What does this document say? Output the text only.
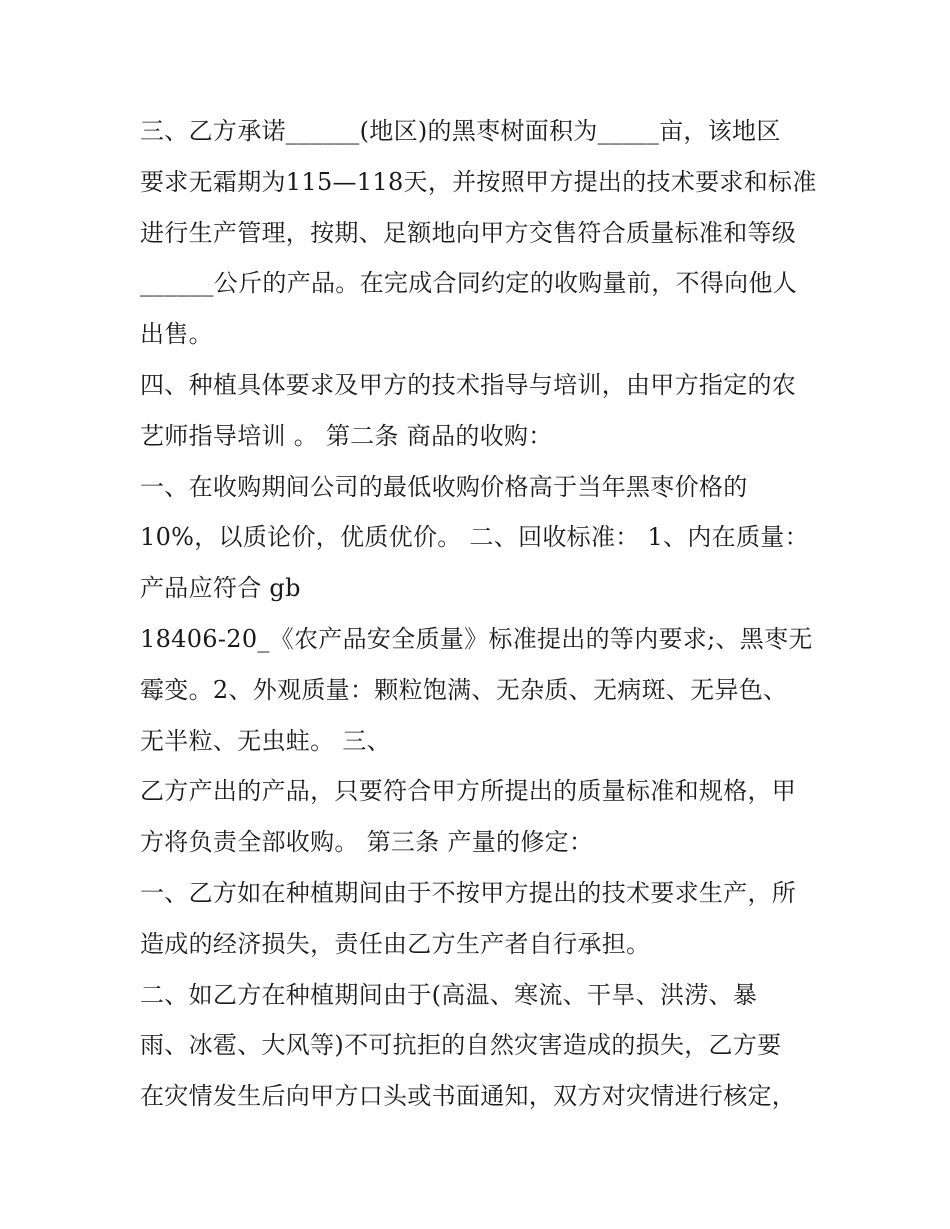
三、乙方承诺______(地区)的黑枣树面积为_____亩，该地区
要求无霜期为115—118天，并按照甲方提出的技术要求和标准
进行生产管理，按期、足额地向甲方交售符合质量标准和等级
______公斤的产品。在完成合同约定的收购量前，不得向他人
出售。
四、种植具体要求及甲方的技术指导与培训，由甲方指定的农
艺师指导培训 。 第二条 商品的收购：
一、在收购期间公司的最低收购价格高于当年黑枣价格的
10%，以质论价，优质优价。 二、回收标准： 1、内在质量：
产品应符合 gb
18406-20_《农产品安全质量》标准提出的等内要求;、黑枣无
霉变。2、外观质量：颗粒饱满、无杂质、无病斑、无异色、
无半粒、无虫蛀。 三、
乙方产出的产品，只要符合甲方所提出的质量标准和规格，甲
方将负责全部收购。 第三条 产量的修定：
一、乙方如在种植期间由于不按甲方提出的技术要求生产，所
造成的经济损失，责任由乙方生产者自行承担。
二、如乙方在种植期间由于(高温、寒流、干旱、洪涝、暴
雨、冰雹、大风等)不可抗拒的自然灾害造成的损失，乙方要
在灾情发生后向甲方口头或书面通知，双方对灾情进行核定，
